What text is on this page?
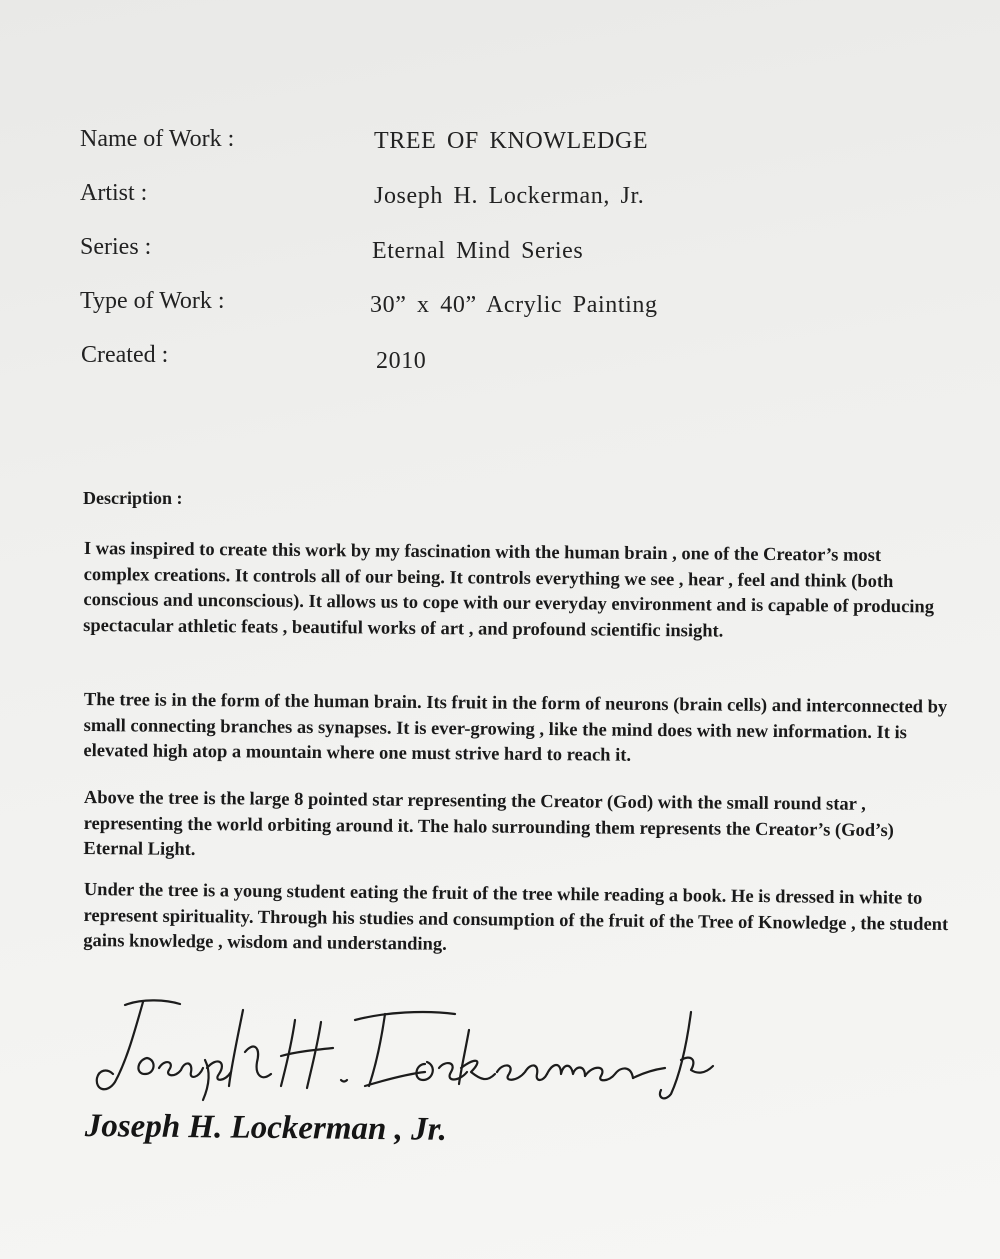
Name of Work :	TREE OF KNOWLEDGE
Artist :	Joseph H. Lockerman, Jr.
Series :	Eternal Mind Series
Type of Work :	30” x 40” Acrylic Painting
Created :	2010
Description :

I was inspired to create this work by my fascination with the human brain , one of the Creator’s most complex creations. It controls all of our being. It controls everything we see , hear , feel and think (both conscious and unconscious). It allows us to cope with our everyday environment and is capable of producing spectacular athletic feats , beautiful works of art , and profound scientific insight.

The tree is in the form of the human brain. Its fruit in the form of neurons (brain cells) and interconnected by small connecting branches as synapses. It is ever-growing , like the mind does with new information. It is elevated high atop a mountain where one must strive hard to reach it.

Above the tree is the large 8 pointed star representing the Creator (God) with the small round star , representing the world orbiting around it. The halo surrounding them represents the Creator’s (God’s) Eternal Light.

Under the tree is a young student eating the fruit of the tree while reading a book. He is dressed in white to represent spirituality. Through his studies and consumption of the fruit of the Tree of Knowledge , the student gains knowledge , wisdom and understanding.

Joseph H. Lockerman , Jr.
